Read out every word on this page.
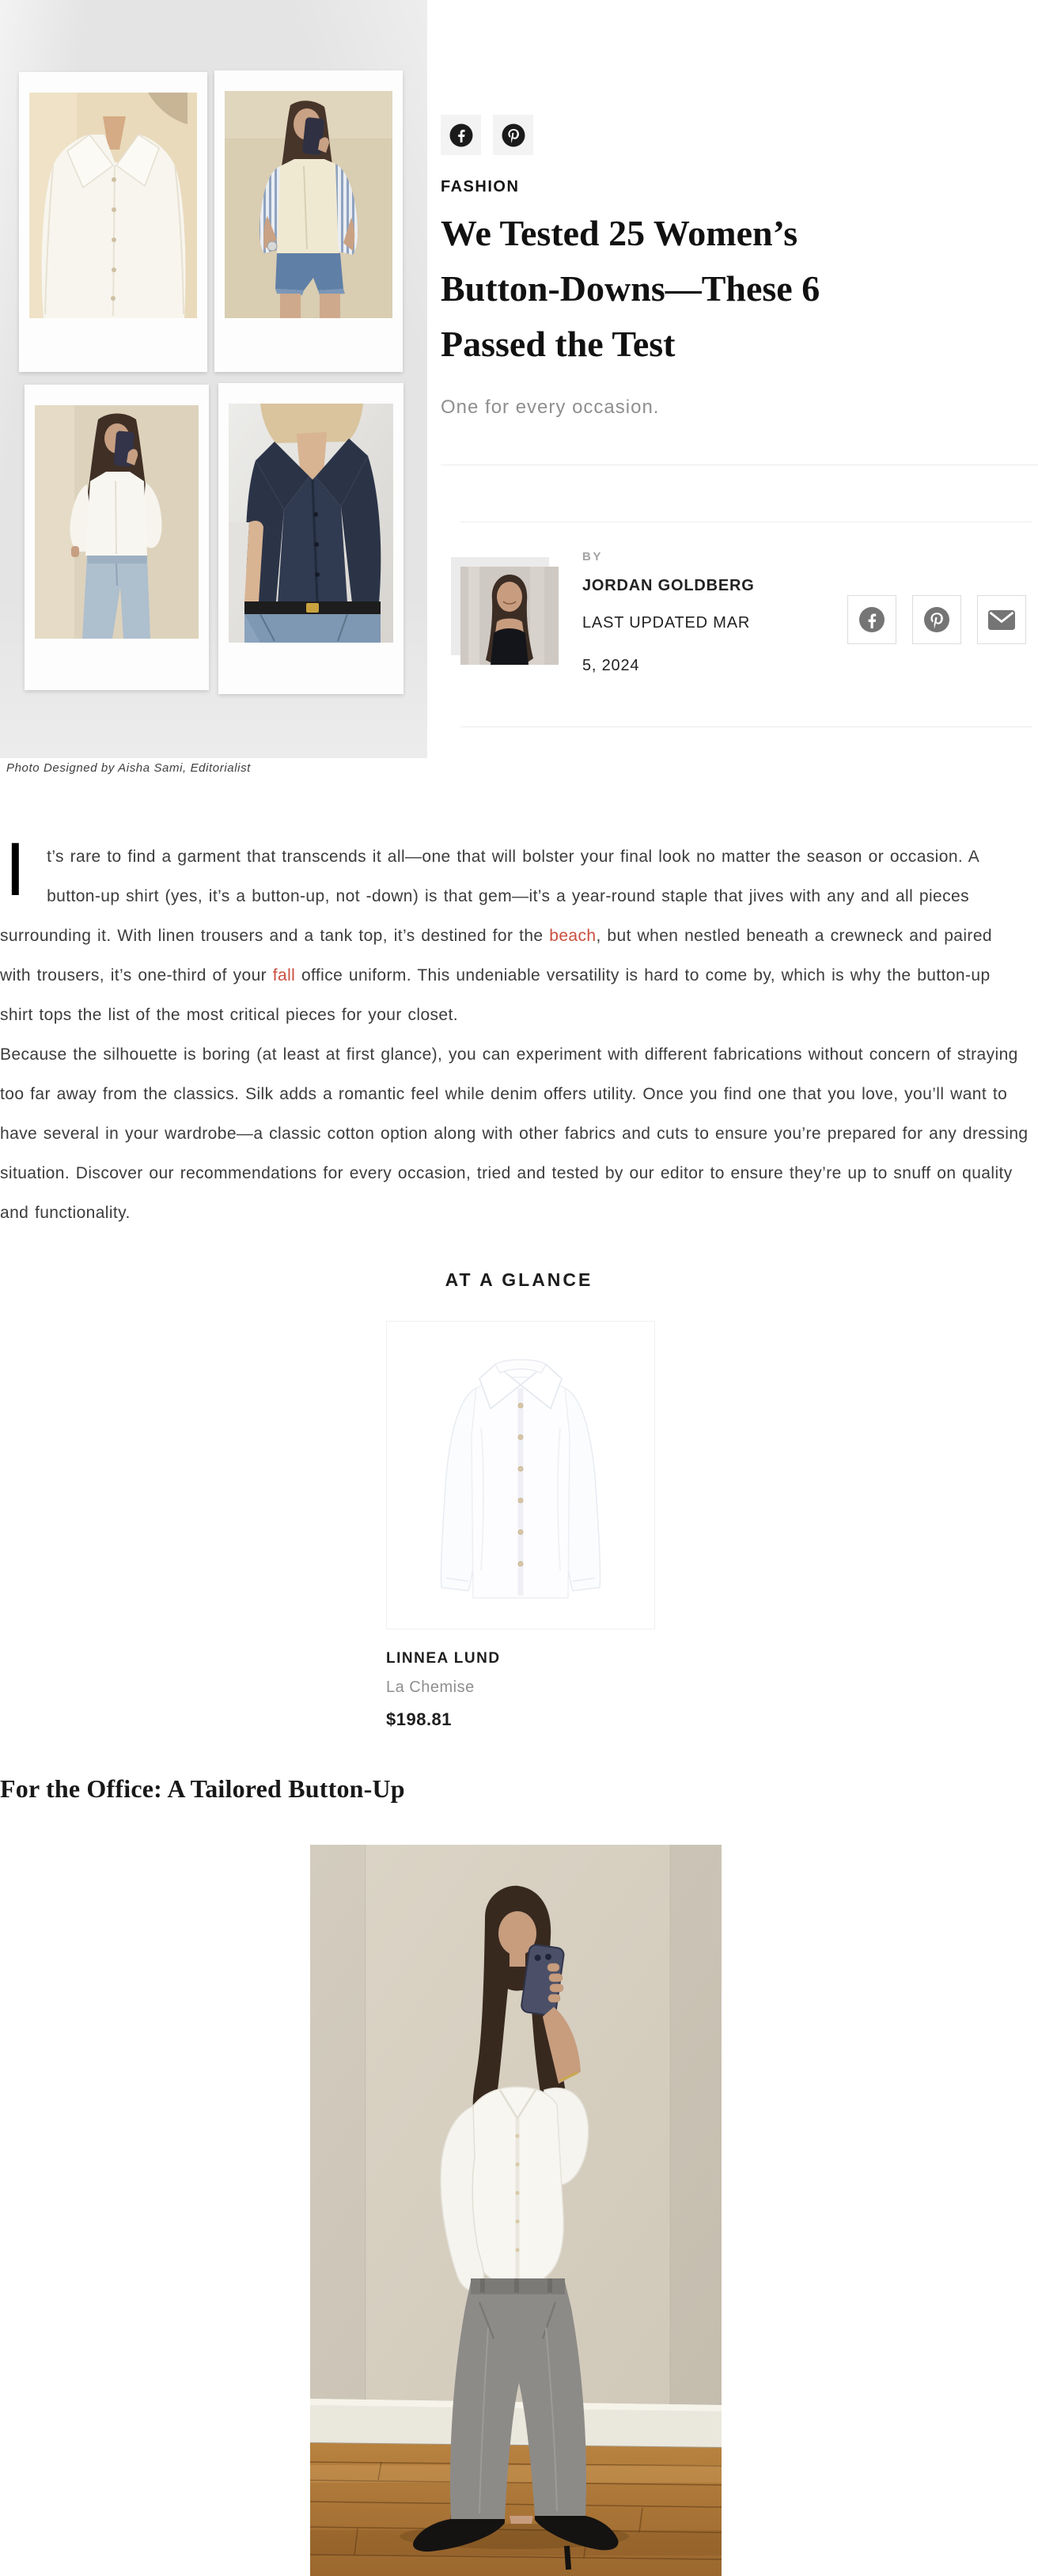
Photo Designed by Aisha Sami, Editorialist
FASHION
We Tested 25 Women’s Button-Downs—These 6 Passed the Test
One for every occasion.
BY
JORDAN GOLDBERG
LAST UPDATED MAR 5, 2024

I t’s rare to find a garment that transcends it all—one that will bolster your final look no matter the season or occasion. A button-up shirt (yes, it’s a button-up, not -down) is that gem—it’s a year-round staple that jives with any and all pieces surrounding it. With linen trousers and a tank top, it’s destined for the beach, but when nestled beneath a crewneck and paired with trousers, it’s one-third of your fall office uniform. This undeniable versatility is hard to come by, which is why the button-up shirt tops the list of the most critical pieces for your closet.

Because the silhouette is boring (at least at first glance), you can experiment with different fabrications without concern of straying too far away from the classics. Silk adds a romantic feel while denim offers utility. Once you find one that you love, you’ll want to have several in your wardrobe—a classic cotton option along with other fabrics and cuts to ensure you’re prepared for any dressing situation. Discover our recommendations for every occasion, tried and tested by our editor to ensure they’re up to snuff on quality and functionality.

AT A GLANCE
LINNEA LUND
La Chemise
$198.81
For the Office: A Tailored Button-Up
